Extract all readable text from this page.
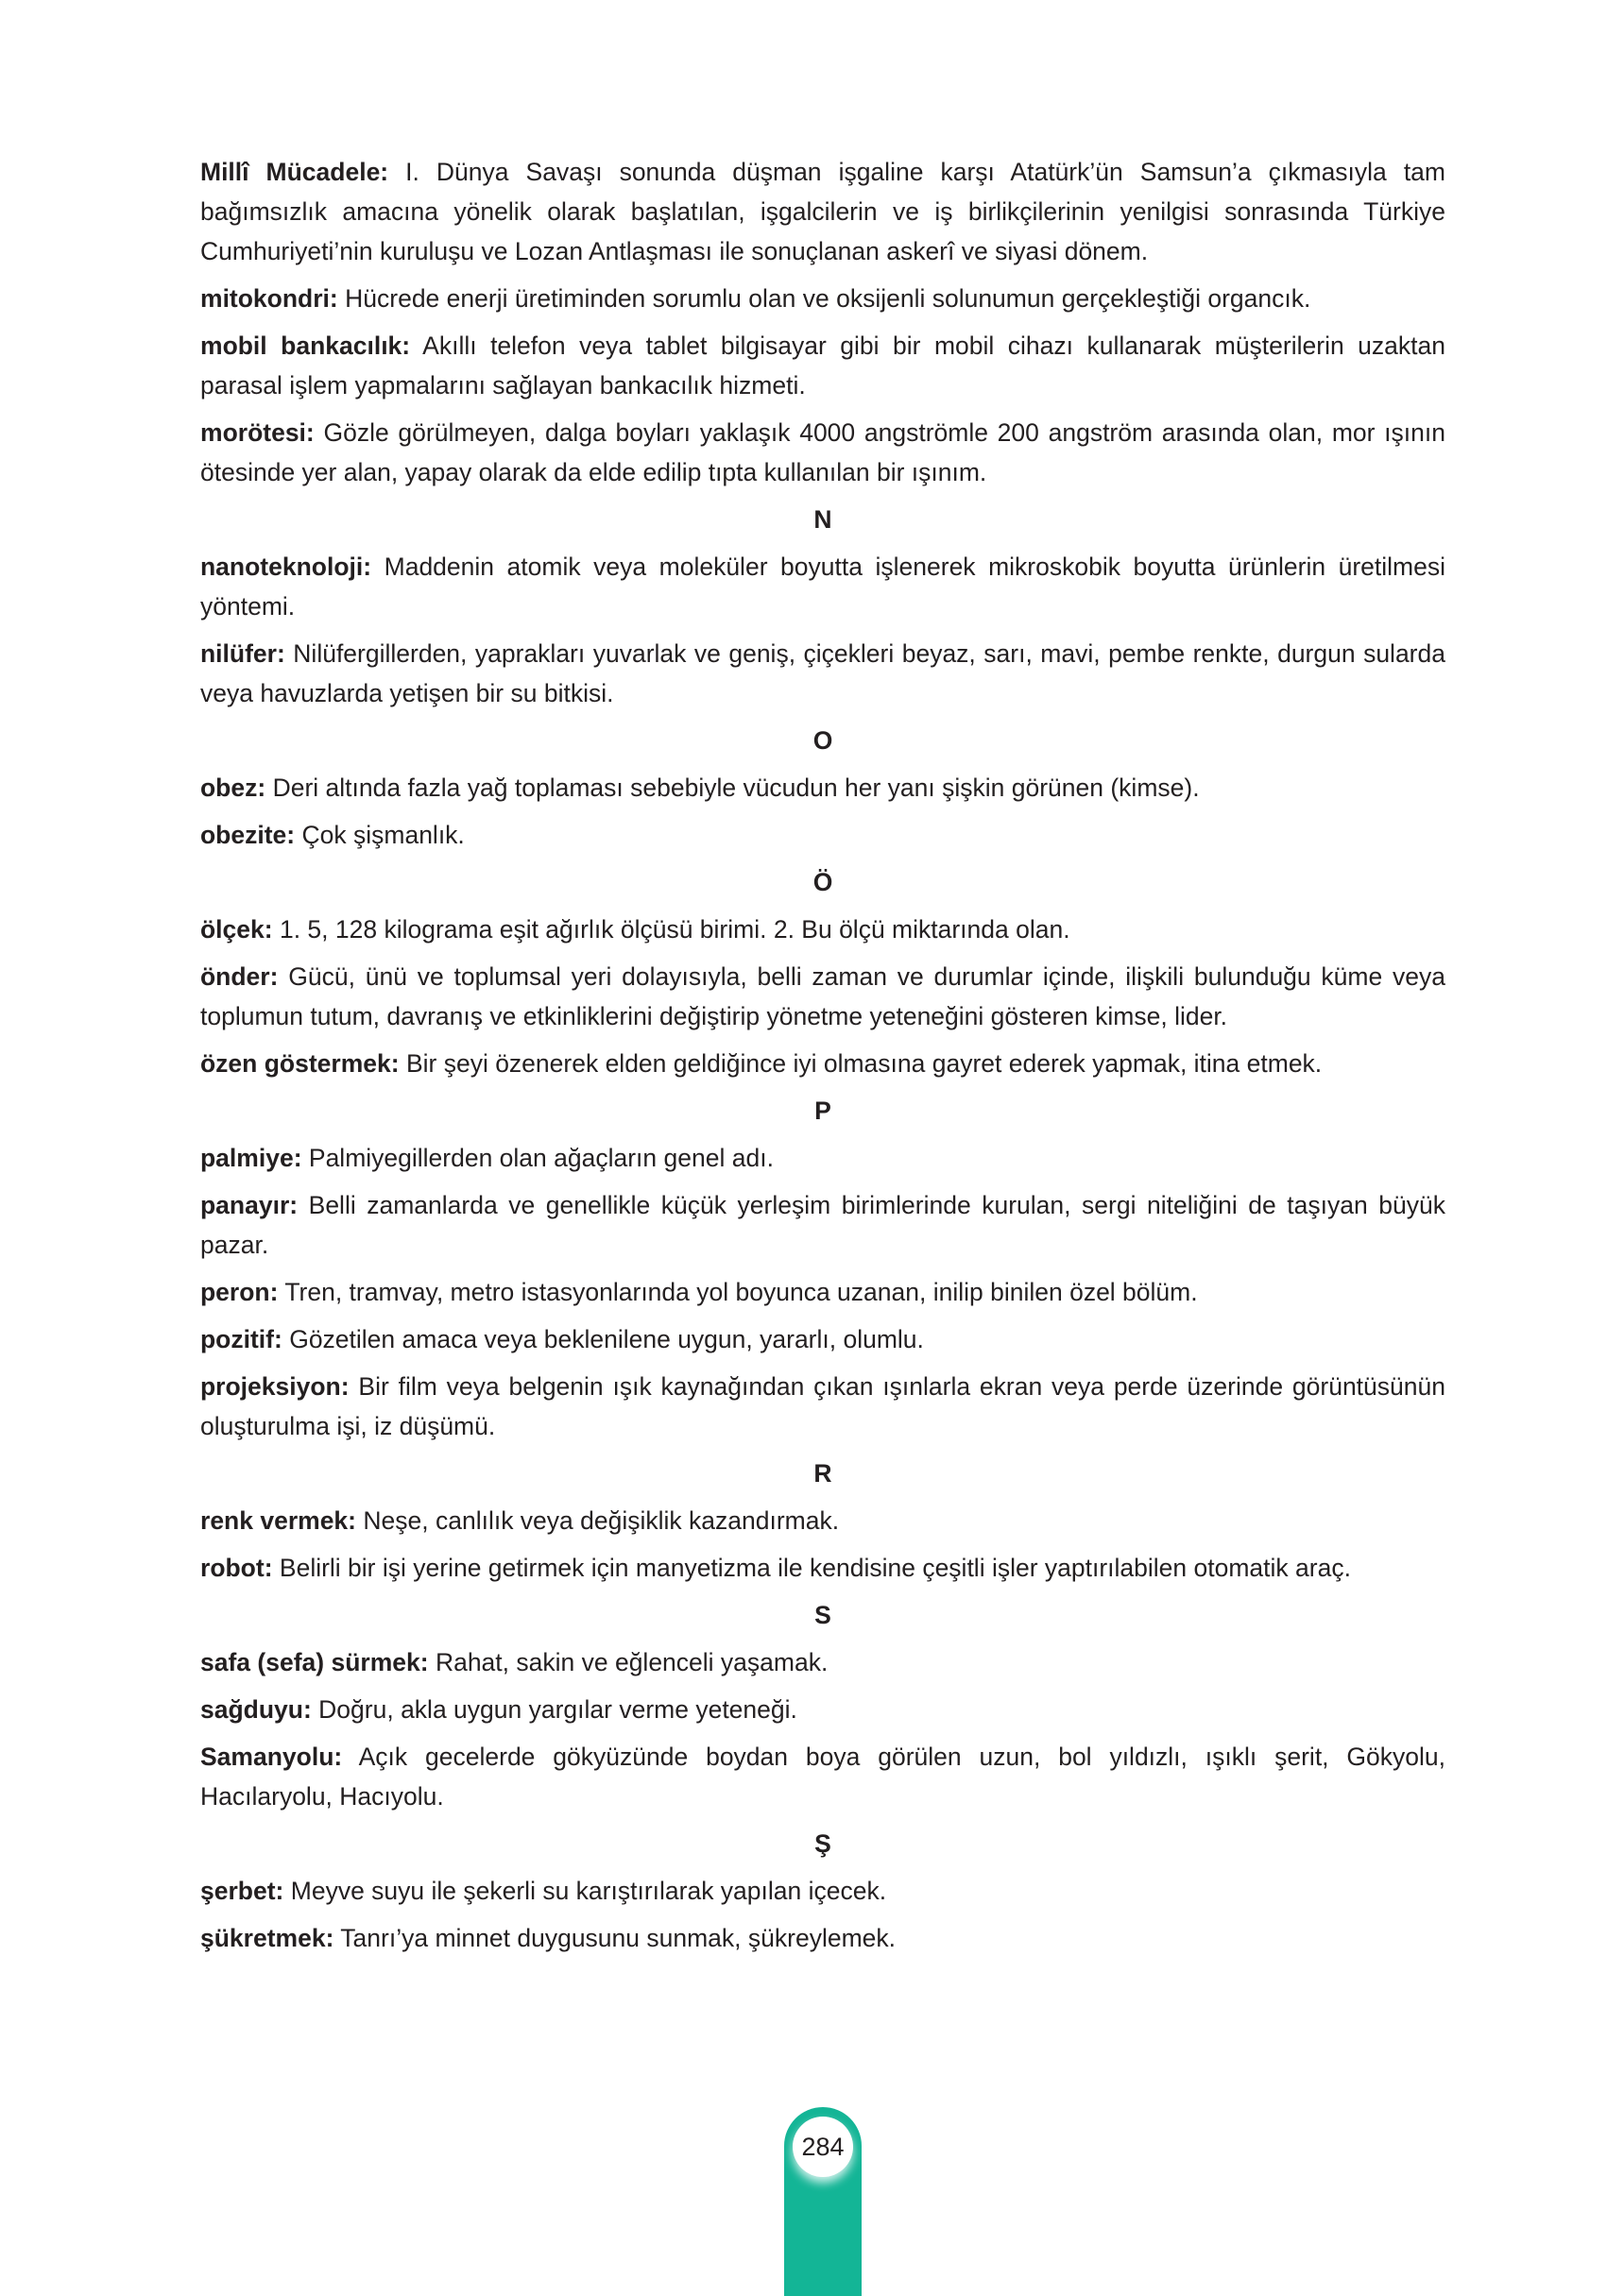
Millî Mücadele: I. Dünya Savaşı sonunda düşman işgaline karşı Atatürk’ün Samsun’a çıkmasıyla tam bağımsızlık amacına yönelik olarak başlatılan, işgalcilerin ve iş birlikçilerinin yenilgisi sonrasında Türkiye Cumhuriyeti’nin kuruluşu ve Lozan Antlaşması ile sonuçlanan askerî ve siyasi dönem.

mitokondri: Hücrede enerji üretiminden sorumlu olan ve oksijenli solunumun gerçekleştiği organcık.

mobil bankacılık: Akıllı telefon veya tablet bilgisayar gibi bir mobil cihazı kullanarak müşterilerin uzaktan parasal işlem yapmalarını sağlayan bankacılık hizmeti.

morötesi: Gözle görülmeyen, dalga boyları yaklaşık 4000 angströmle 200 angström arasında olan, mor ışının ötesinde yer alan, yapay olarak da elde edilip tıpta kullanılan bir ışınım.

N

nanoteknoloji: Maddenin atomik veya moleküler boyutta işlenerek mikroskobik boyutta ürünlerin üretilmesi yöntemi.

nilüfer: Nilüfergillerden, yaprakları yuvarlak ve geniş, çiçekleri beyaz, sarı, mavi, pembe renkte, durgun sularda veya havuzlarda yetişen bir su bitkisi.

O

obez: Deri altında fazla yağ toplaması sebebiyle vücudun her yanı şişkin görünen (kimse).

obezite: Çok şişmanlık.

Ö

ölçek: 1. 5, 128 kilograma eşit ağırlık ölçüsü birimi. 2. Bu ölçü miktarında olan.

önder: Gücü, ünü ve toplumsal yeri dolayısıyla, belli zaman ve durumlar içinde, ilişkili bulunduğu küme veya toplumun tutum, davranış ve etkinliklerini değiştirip yönetme yeteneğini gösteren kimse, lider.

özen göstermek: Bir şeyi özenerek elden geldiğince iyi olmasına gayret ederek yapmak, itina etmek.

P

palmiye: Palmiyegillerden olan ağaçların genel adı.

panayır: Belli zamanlarda ve genellikle küçük yerleşim birimlerinde kurulan, sergi niteliğini de taşıyan büyük pazar.

peron: Tren, tramvay, metro istasyonlarında yol boyunca uzanan, inilip binilen özel bölüm.

pozitif: Gözetilen amaca veya beklenilene uygun, yararlı, olumlu.

projeksiyon: Bir film veya belgenin ışık kaynağından çıkan ışınlarla ekran veya perde üzerinde görüntüsünün oluşturulma işi, iz düşümü.

R

renk vermek: Neşe, canlılık veya değişiklik kazandırmak.

robot: Belirli bir işi yerine getirmek için manyetizma ile kendisine çeşitli işler yaptırılabilen otomatik araç.

S

safa (sefa) sürmek: Rahat, sakin ve eğlenceli yaşamak.

sağduyu: Doğru, akla uygun yargılar verme yeteneği.

Samanyolu: Açık gecelerde gökyüzünde boydan boya görülen uzun, bol yıldızlı, ışıklı şerit, Gökyolu, Hacılaryolu, Hacıyolu.

Ş

şerbet: Meyve suyu ile şekerli su karıştırılarak yapılan içecek.

şükretmek: Tanrı’ya minnet duygusunu sunmak, şükreylemek.

284
